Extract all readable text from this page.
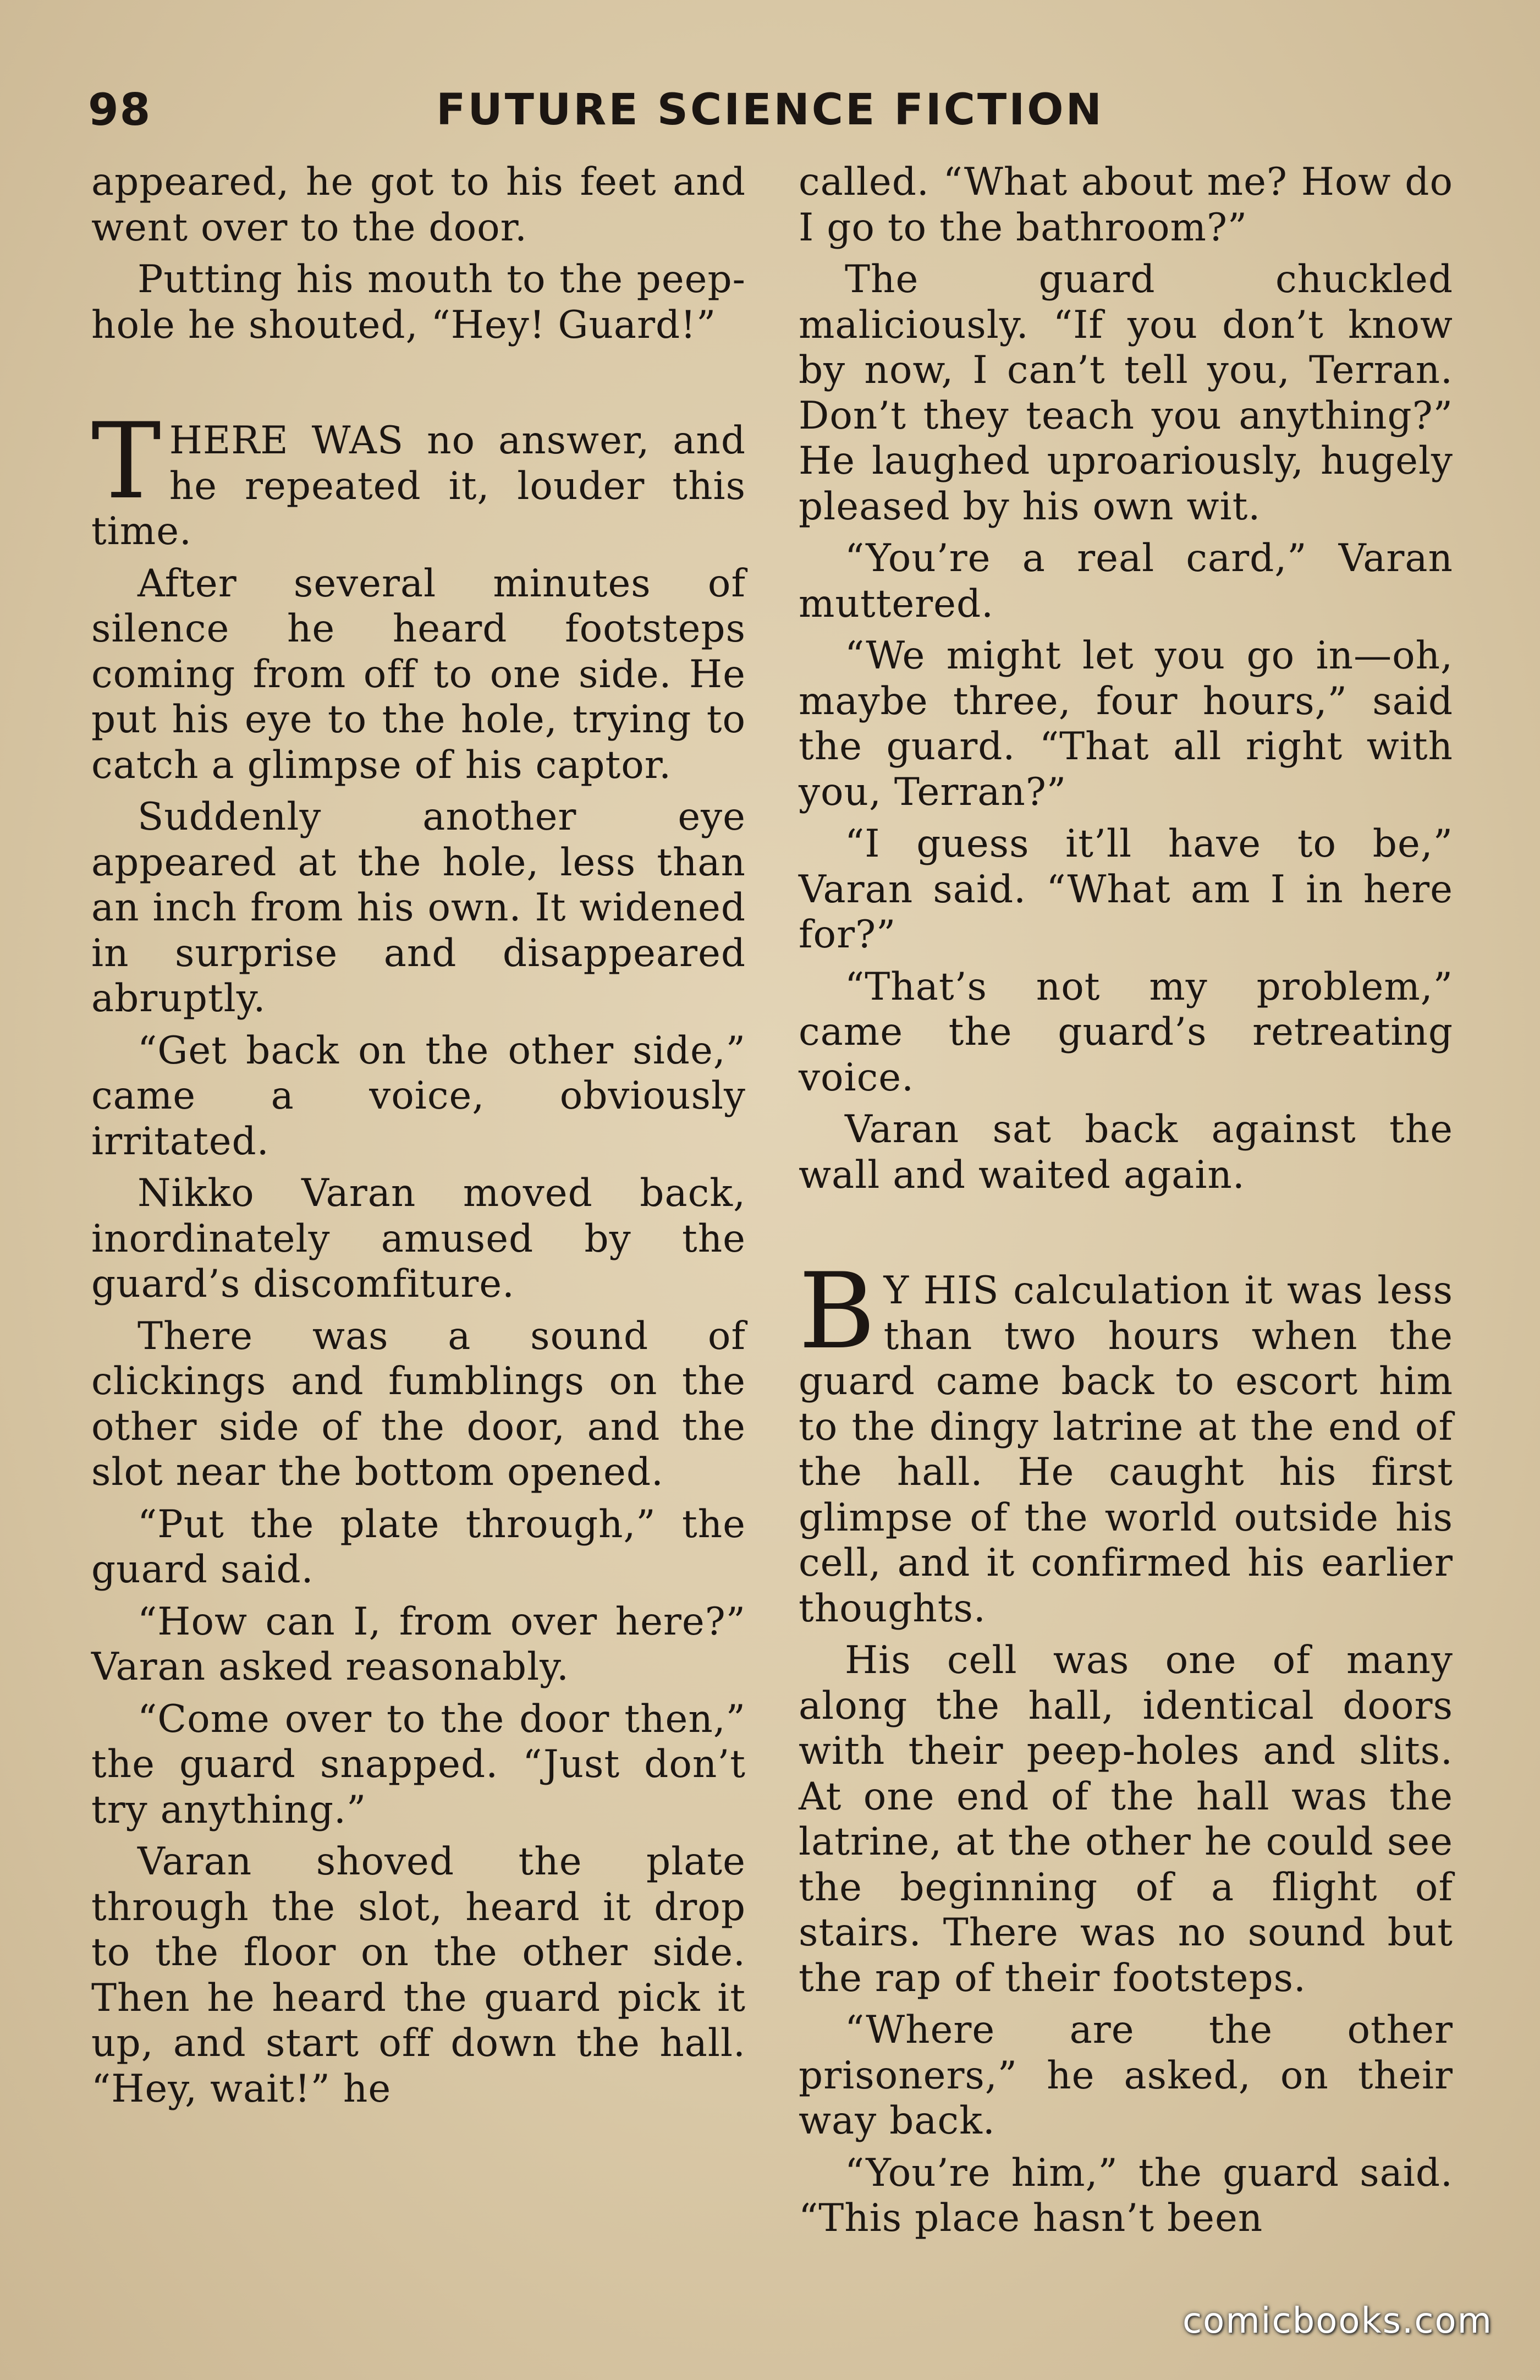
98	FUTURE SCIENCE FICTION

appeared, he got to his feet and went over to the door.

Putting his mouth to the peep-hole he shouted, “Hey! Guard!”

THERE WAS no answer, and he repeated it, louder this time.

After several minutes of silence he heard footsteps coming from off to one side. He put his eye to the hole, trying to catch a glimpse of his captor.

Suddenly another eye appeared at the hole, less than an inch from his own. It widened in surprise and disappeared abruptly.

“Get back on the other side,” came a voice, obviously irritated.

Nikko Varan moved back, inordinately amused by the guard’s discomfiture.

There was a sound of clickings and fumblings on the other side of the door, and the slot near the bottom opened.

“Put the plate through,” the guard said.

“How can I, from over here?” Varan asked reasonably.

“Come over to the door then,” the guard snapped. “Just don’t try anything.”

Varan shoved the plate through the slot, heard it drop to the floor on the other side. Then he heard the guard pick it up, and start off down the hall. “Hey, wait!” he

called. “What about me? How do I go to the bathroom?”

The guard chuckled maliciously. “If you don’t know by now, I can’t tell you, Terran. Don’t they teach you anything?” He laughed uproariously, hugely pleased by his own wit.

“You’re a real card,” Varan muttered.

“We might let you go in—oh, maybe three, four hours,” said the guard. “That all right with you, Terran?”

“I guess it’ll have to be,” Varan said. “What am I in here for?”

“That’s not my problem,” came the guard’s retreating voice.

Varan sat back against the wall and waited again.

BY HIS calculation it was less than two hours when the guard came back to escort him to the dingy latrine at the end of the hall. He caught his first glimpse of the world outside his cell, and it confirmed his earlier thoughts.

His cell was one of many along the hall, identical doors with their peep-holes and slits. At one end of the hall was the latrine, at the other he could see the beginning of a flight of stairs. There was no sound but the rap of their footsteps.

“Where are the other prisoners,” he asked, on their way back.

“You’re him,” the guard said. “This place hasn’t been

comicbooks.com
